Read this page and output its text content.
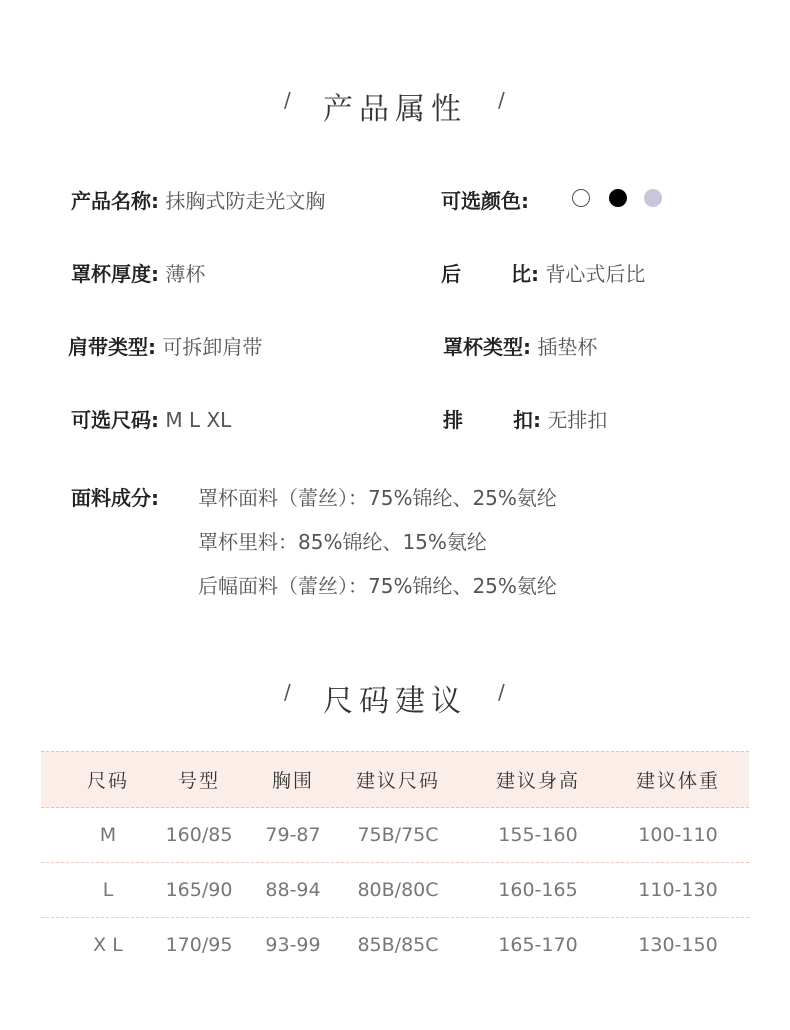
/ 产品属性 /
产品名称: 抹胸式防走光文胸	可选颜色:
罩杯厚度: 薄杯	后	比: 背心式后比
肩带类型: 可拆卸肩带	罩杯类型: 插垫杯
可选尺码: M L XL	排	扣: 无排扣
面料成分: 罩杯面料（蕾丝）：75%锦纶、25%氨纶
罩杯里料：85%锦纶、15%氨纶
后幅面料（蕾丝）：75%锦纶、25%氨纶
/ 尺码建议 /
尺码	号型	胸围	建议尺码	建议身高	建议体重
M	160/85	79-87	75B/75C	155-160	100-110
L	165/90	88-94	80B/80C	160-165	110-130
X L	170/95	93-99	85B/85C	165-170	130-150
